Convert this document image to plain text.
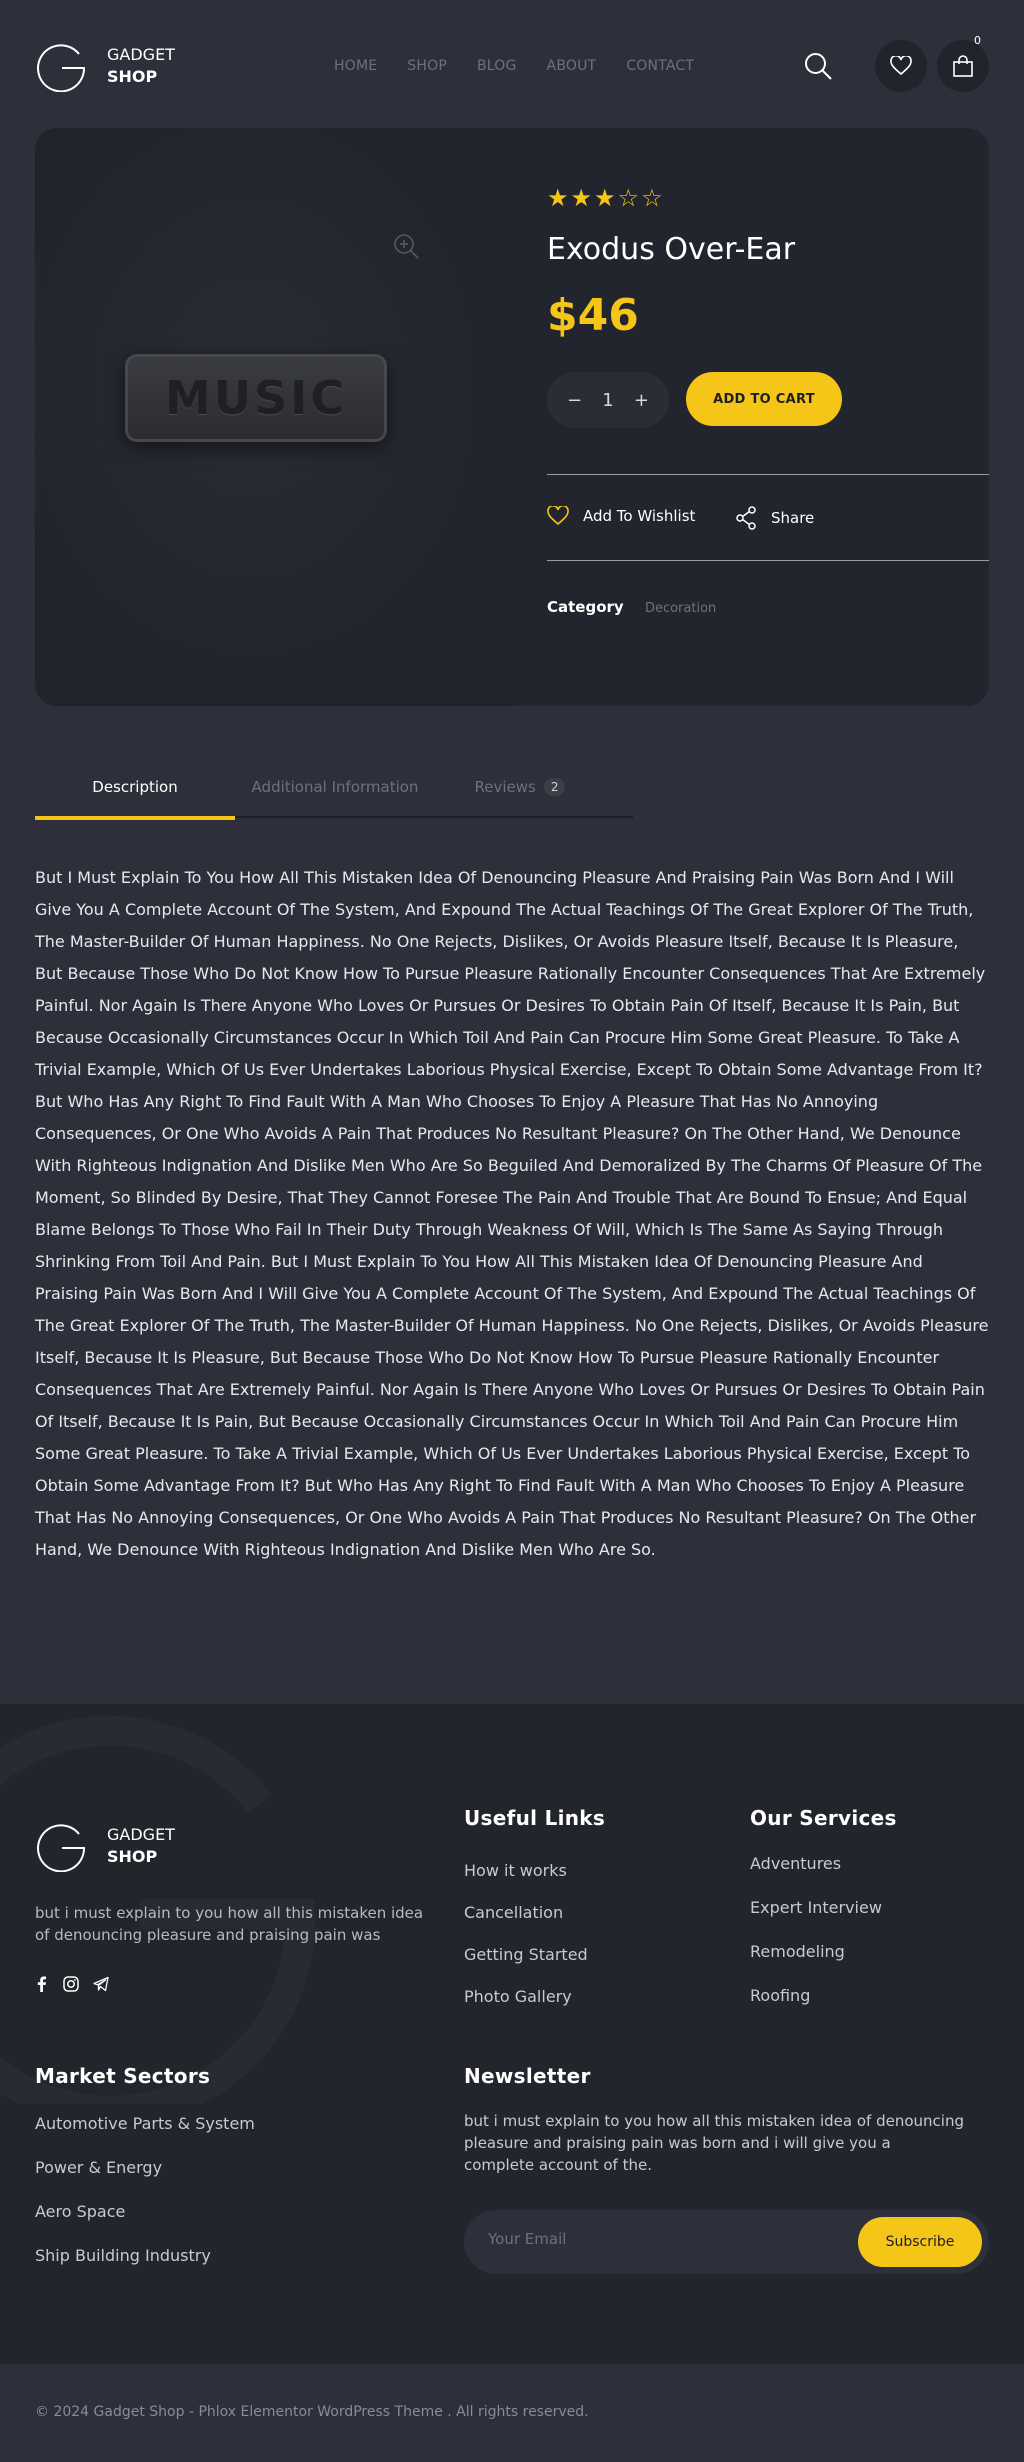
GADGET
SHOP
HOME SHOP BLOG ABOUT CONTACT
0
MUSIC
★★★☆☆
Exodus Over-Ear
$46
− 1 +	ADD TO CART
Add To Wishlist	Share
Category Decoration
Description	Additional Information	Reviews	2

But I Must Explain To You How All This Mistaken Idea Of Denouncing Pleasure And Praising Pain Was Born And I Will Give You A Complete Account Of The System, And Expound The Actual Teachings Of The Great Explorer Of The Truth, The Master-Builder Of Human Happiness. No One Rejects, Dislikes, Or Avoids Pleasure Itself, Because It Is Pleasure, But Because Those Who Do Not Know How To Pursue Pleasure Rationally Encounter Consequences That Are Extremely Painful. Nor Again Is There Anyone Who Loves Or Pursues Or Desires To Obtain Pain Of Itself, Because It Is Pain, But Because Occasionally Circumstances Occur In Which Toil And Pain Can Procure Him Some Great Pleasure. To Take A Trivial Example, Which Of Us Ever Undertakes Laborious Physical Exercise, Except To Obtain Some Advantage From It? But Who Has Any Right To Find Fault With A Man Who Chooses To Enjoy A Pleasure That Has No Annoying Consequences, Or One Who Avoids A Pain That Produces No Resultant Pleasure? On The Other Hand, We Denounce With Righteous Indignation And Dislike Men Who Are So Beguiled And Demoralized By The Charms Of Pleasure Of The Moment, So Blinded By Desire, That They Cannot Foresee The Pain And Trouble That Are Bound To Ensue; And Equal Blame Belongs To Those Who Fail In Their Duty Through Weakness Of Will, Which Is The Same As Saying Through Shrinking From Toil And Pain. But I Must Explain To You How All This Mistaken Idea Of Denouncing Pleasure And Praising Pain Was Born And I Will Give You A Complete Account Of The System, And Expound The Actual Teachings Of The Great Explorer Of The Truth, The Master-Builder Of Human Happiness. No One Rejects, Dislikes, Or Avoids Pleasure Itself, Because It Is Pleasure, But Because Those Who Do Not Know How To Pursue Pleasure Rationally Encounter Consequences That Are Extremely Painful. Nor Again Is There Anyone Who Loves Or Pursues Or Desires To Obtain Pain Of Itself, Because It Is Pain, But Because Occasionally Circumstances Occur In Which Toil And Pain Can Procure Him Some Great Pleasure. To Take A Trivial Example, Which Of Us Ever Undertakes Laborious Physical Exercise, Except To Obtain Some Advantage From It? But Who Has Any Right To Find Fault With A Man Who Chooses To Enjoy A Pleasure That Has No Annoying Consequences, Or One Who Avoids A Pain That Produces No Resultant Pleasure? On The Other Hand, We Denounce With Righteous Indignation And Dislike Men Who Are So.

GADGET
SHOP

but i must explain to you how all this mistaken idea of denouncing pleasure and praising pain was

Useful Links
How it works
Cancellation
Getting Started
Photo Gallery
Our Services
Adventures
Expert Interview
Remodeling
Roofing
Market Sectors
Automotive Parts & System
Power & Energy
Aero Space
Ship Building Industry
Newsletter

but i must explain to you how all this mistaken idea of denouncing pleasure and praising pain was born and i will give you a complete account of the.

Your Email
Subscribe
© 2024 Gadget Shop - Phlox Elementor WordPress Theme . All rights reserved.
